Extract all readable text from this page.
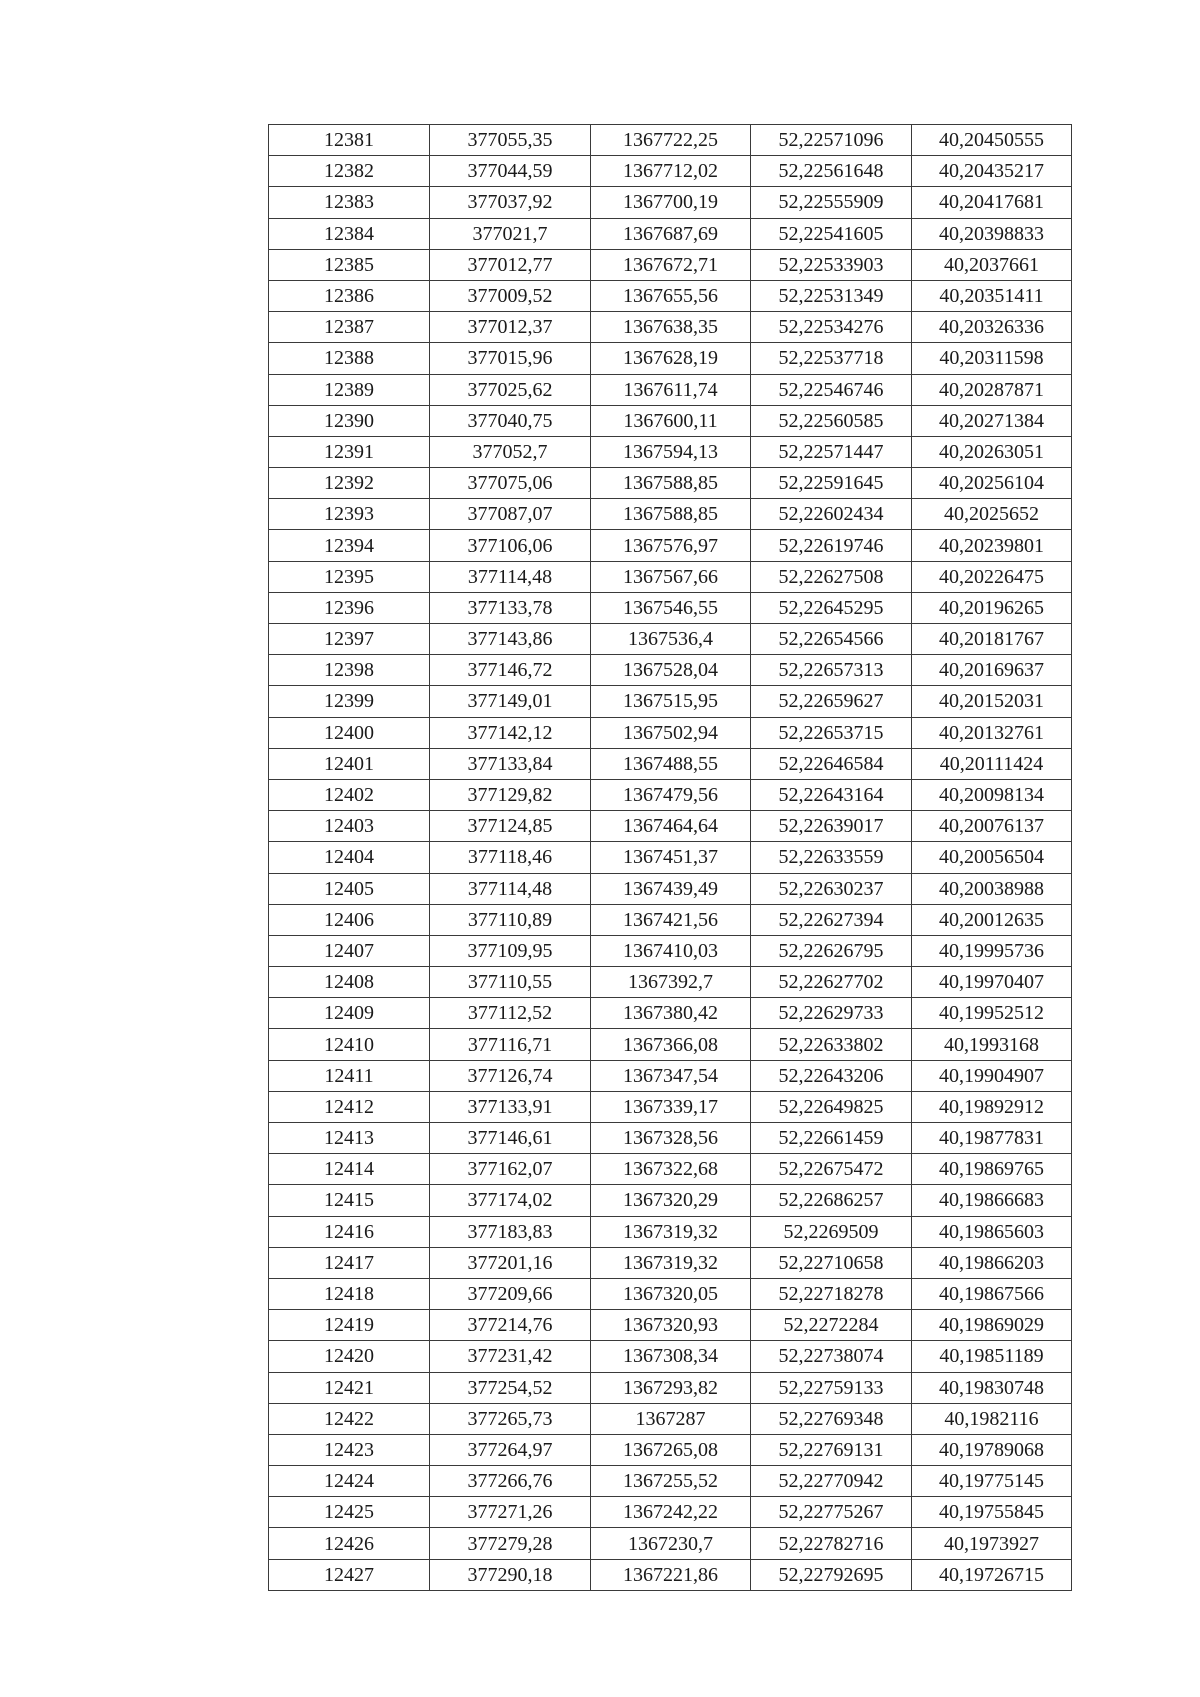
12381	377055,35	1367722,25	52,22571096	40,20450555
12382	377044,59	1367712,02	52,22561648	40,20435217
12383	377037,92	1367700,19	52,22555909	40,20417681
12384	377021,7	1367687,69	52,22541605	40,20398833
12385	377012,77	1367672,71	52,22533903	40,2037661
12386	377009,52	1367655,56	52,22531349	40,20351411
12387	377012,37	1367638,35	52,22534276	40,20326336
12388	377015,96	1367628,19	52,22537718	40,20311598
12389	377025,62	1367611,74	52,22546746	40,20287871
12390	377040,75	1367600,11	52,22560585	40,20271384
12391	377052,7	1367594,13	52,22571447	40,20263051
12392	377075,06	1367588,85	52,22591645	40,20256104
12393	377087,07	1367588,85	52,22602434	40,2025652
12394	377106,06	1367576,97	52,22619746	40,20239801
12395	377114,48	1367567,66	52,22627508	40,20226475
12396	377133,78	1367546,55	52,22645295	40,20196265
12397	377143,86	1367536,4	52,22654566	40,20181767
12398	377146,72	1367528,04	52,22657313	40,20169637
12399	377149,01	1367515,95	52,22659627	40,20152031
12400	377142,12	1367502,94	52,22653715	40,20132761
12401	377133,84	1367488,55	52,22646584	40,20111424
12402	377129,82	1367479,56	52,22643164	40,20098134
12403	377124,85	1367464,64	52,22639017	40,20076137
12404	377118,46	1367451,37	52,22633559	40,20056504
12405	377114,48	1367439,49	52,22630237	40,20038988
12406	377110,89	1367421,56	52,22627394	40,20012635
12407	377109,95	1367410,03	52,22626795	40,19995736
12408	377110,55	1367392,7	52,22627702	40,19970407
12409	377112,52	1367380,42	52,22629733	40,19952512
12410	377116,71	1367366,08	52,22633802	40,1993168
12411	377126,74	1367347,54	52,22643206	40,19904907
12412	377133,91	1367339,17	52,22649825	40,19892912
12413	377146,61	1367328,56	52,22661459	40,19877831
12414	377162,07	1367322,68	52,22675472	40,19869765
12415	377174,02	1367320,29	52,22686257	40,19866683
12416	377183,83	1367319,32	52,2269509	40,19865603
12417	377201,16	1367319,32	52,22710658	40,19866203
12418	377209,66	1367320,05	52,22718278	40,19867566
12419	377214,76	1367320,93	52,2272284	40,19869029
12420	377231,42	1367308,34	52,22738074	40,19851189
12421	377254,52	1367293,82	52,22759133	40,19830748
12422	377265,73	1367287	52,22769348	40,1982116
12423	377264,97	1367265,08	52,22769131	40,19789068
12424	377266,76	1367255,52	52,22770942	40,19775145
12425	377271,26	1367242,22	52,22775267	40,19755845
12426	377279,28	1367230,7	52,22782716	40,1973927
12427	377290,18	1367221,86	52,22792695	40,19726715
